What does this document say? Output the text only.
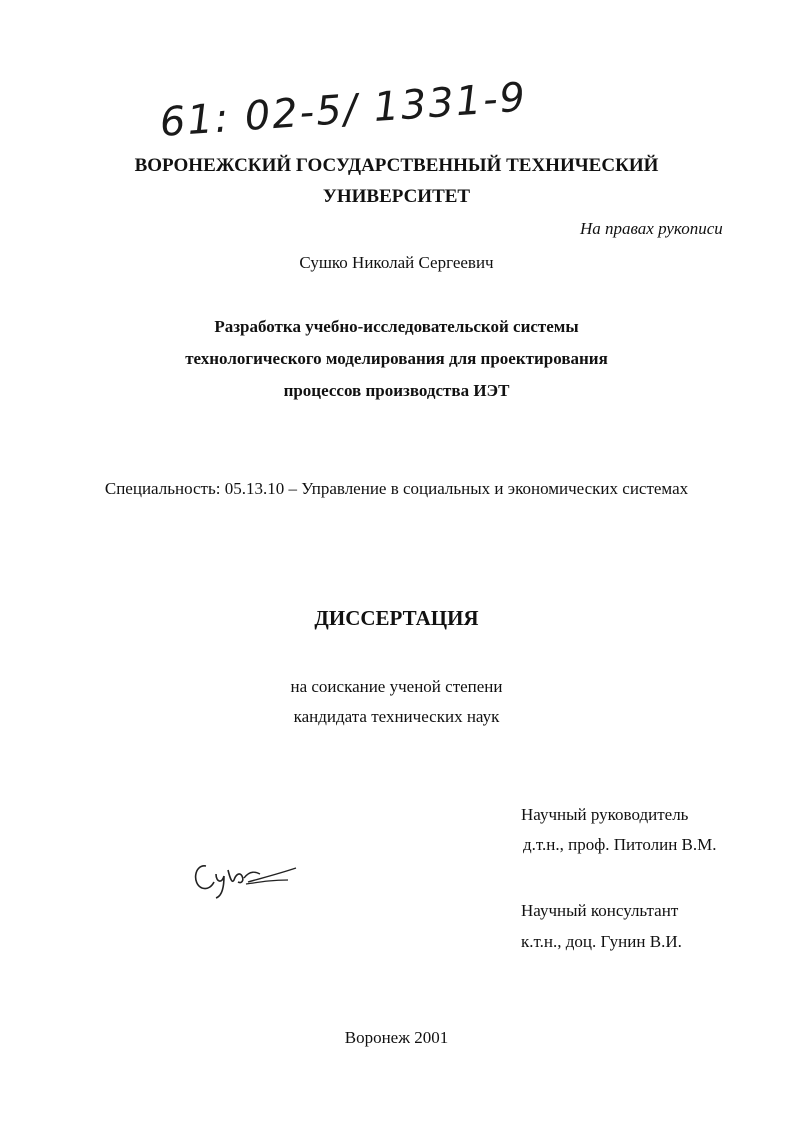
61: 02-5/ 1331-9
ВОРОНЕЖСКИЙ ГОСУДАРСТВЕННЫЙ ТЕХНИЧЕСКИЙ
УНИВЕРСИТЕТ
На правах рукописи
Сушко Николай Сергеевич
Разработка учебно-исследовательской системы
технологического моделирования для проектирования
процессов производства ИЭТ
Специальность: 05.13.10 – Управление в социальных и экономических системах
ДИССЕРТАЦИЯ
на соискание ученой степени
кандидата технических наук
Научный руководитель
д.т.н., проф. Питолин В.М.
Научный консультант
к.т.н., доц. Гунин В.И.
Воронеж 2001
